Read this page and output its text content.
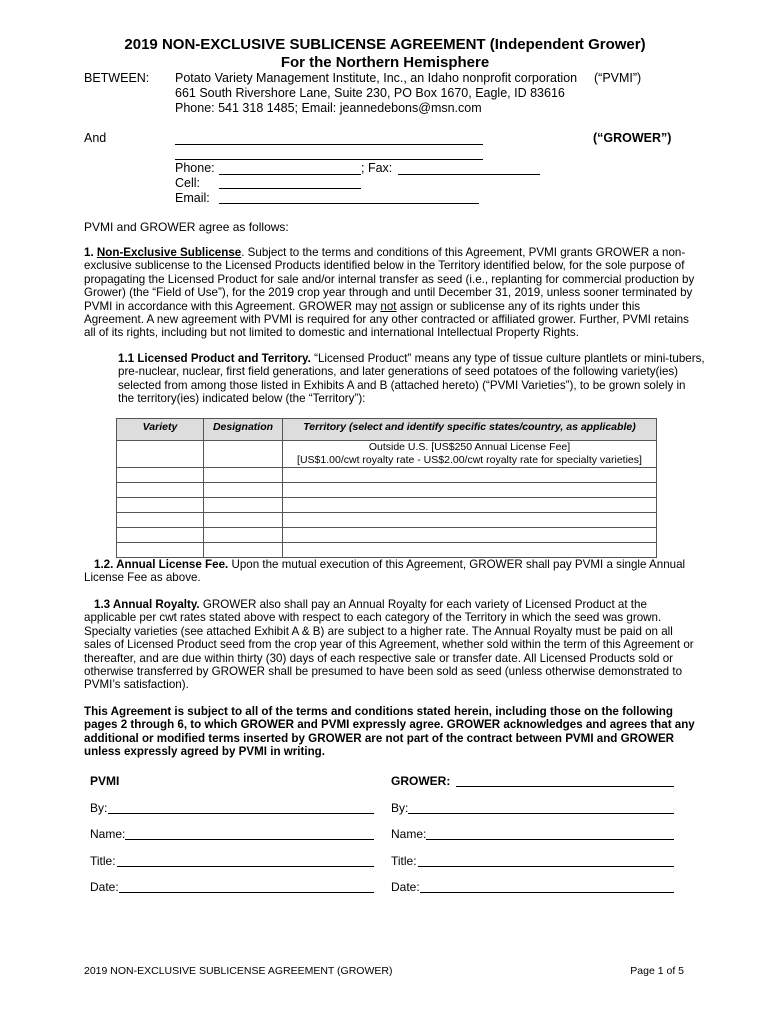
2019 NON-EXCLUSIVE SUBLICENSE AGREEMENT (Independent Grower)
For the Northern Hemisphere
BETWEEN: Potato Variety Management Institute, Inc., an Idaho nonprofit corporation (“PVMI”)
661 South Rivershore Lane, Suite 230, PO Box 1670, Eagle, ID 83616
Phone: 541 318 1485; Email: jeannedebons@msn.com
And	(“GROWER”)
Phone:	; Fax:
Cell:
Email:
PVMI and GROWER agree as follows:
1. Non-Exclusive Sublicense. Subject to the terms and conditions of this Agreement, PVMI grants GROWER a non-
exclusive sublicense to the Licensed Products identified below in the Territory identified below, for the sole purpose of
propagating the Licensed Product for sale and/or internal transfer as seed (i.e., replanting for commercial production by
Grower) (the “Field of Use”), for the 2019 crop year through and until December 31, 2019, unless sooner terminated by
PVMI in accordance with this Agreement. GROWER may not assign or sublicense any of its rights under this
Agreement. A new agreement with PVMI is required for any other contracted or affiliated grower. Further, PVMI retains
all of its rights, including but not limited to domestic and international Intellectual Property Rights.
1.1 Licensed Product and Territory. “Licensed Product” means any type of tissue culture plantlets or mini-tubers,
pre-nuclear, nuclear, first field generations, and later generations of seed potatoes of the following variety(ies)
selected from among those listed in Exhibits A and B (attached hereto) (“PVMI Varieties”), to be grown solely in
the territory(ies) indicated below (the “Territory”):
Variety	Designation	Territory (select and identify specific states/country, as applicable)

		Outside U.S. [US$250 Annual License Fee]
[US$1.00/cwt royalty rate - US$2.00/cwt royalty rate for specialty varieties]

1.2. Annual License Fee. Upon the mutual execution of this Agreement, GROWER shall pay PVMI a single Annual
License Fee as above.
1.3 Annual Royalty. GROWER also shall pay an Annual Royalty for each variety of Licensed Product at the
applicable per cwt rates stated above with respect to each category of the Territory in which the seed was grown.
Specialty varieties (see attached Exhibit A & B) are subject to a higher rate. The Annual Royalty must be paid on all
sales of Licensed Product seed from the crop year of this Agreement, whether sold within the term of this Agreement or
thereafter, and are due within thirty (30) days of each respective sale or transfer date. All Licensed Products sold or
otherwise transferred by GROWER shall be presumed to have been sold as seed (unless otherwise demonstrated to
PVMI’s satisfaction).
This Agreement is subject to all of the terms and conditions stated herein, including those on the following
pages 2 through 6, to which GROWER and PVMI expressly agree. GROWER acknowledges and agrees that any
additional or modified terms inserted by GROWER are not part of the contract between PVMI and GROWER
unless expressly agreed by PVMI in writing.
PVMI	GROWER:
By:	By:
Name:	Name:
Title:	Title:
Date:	Date:
2019 NON-EXCLUSIVE SUBLICENSE AGREEMENT (GROWER)	Page 1 of 5
